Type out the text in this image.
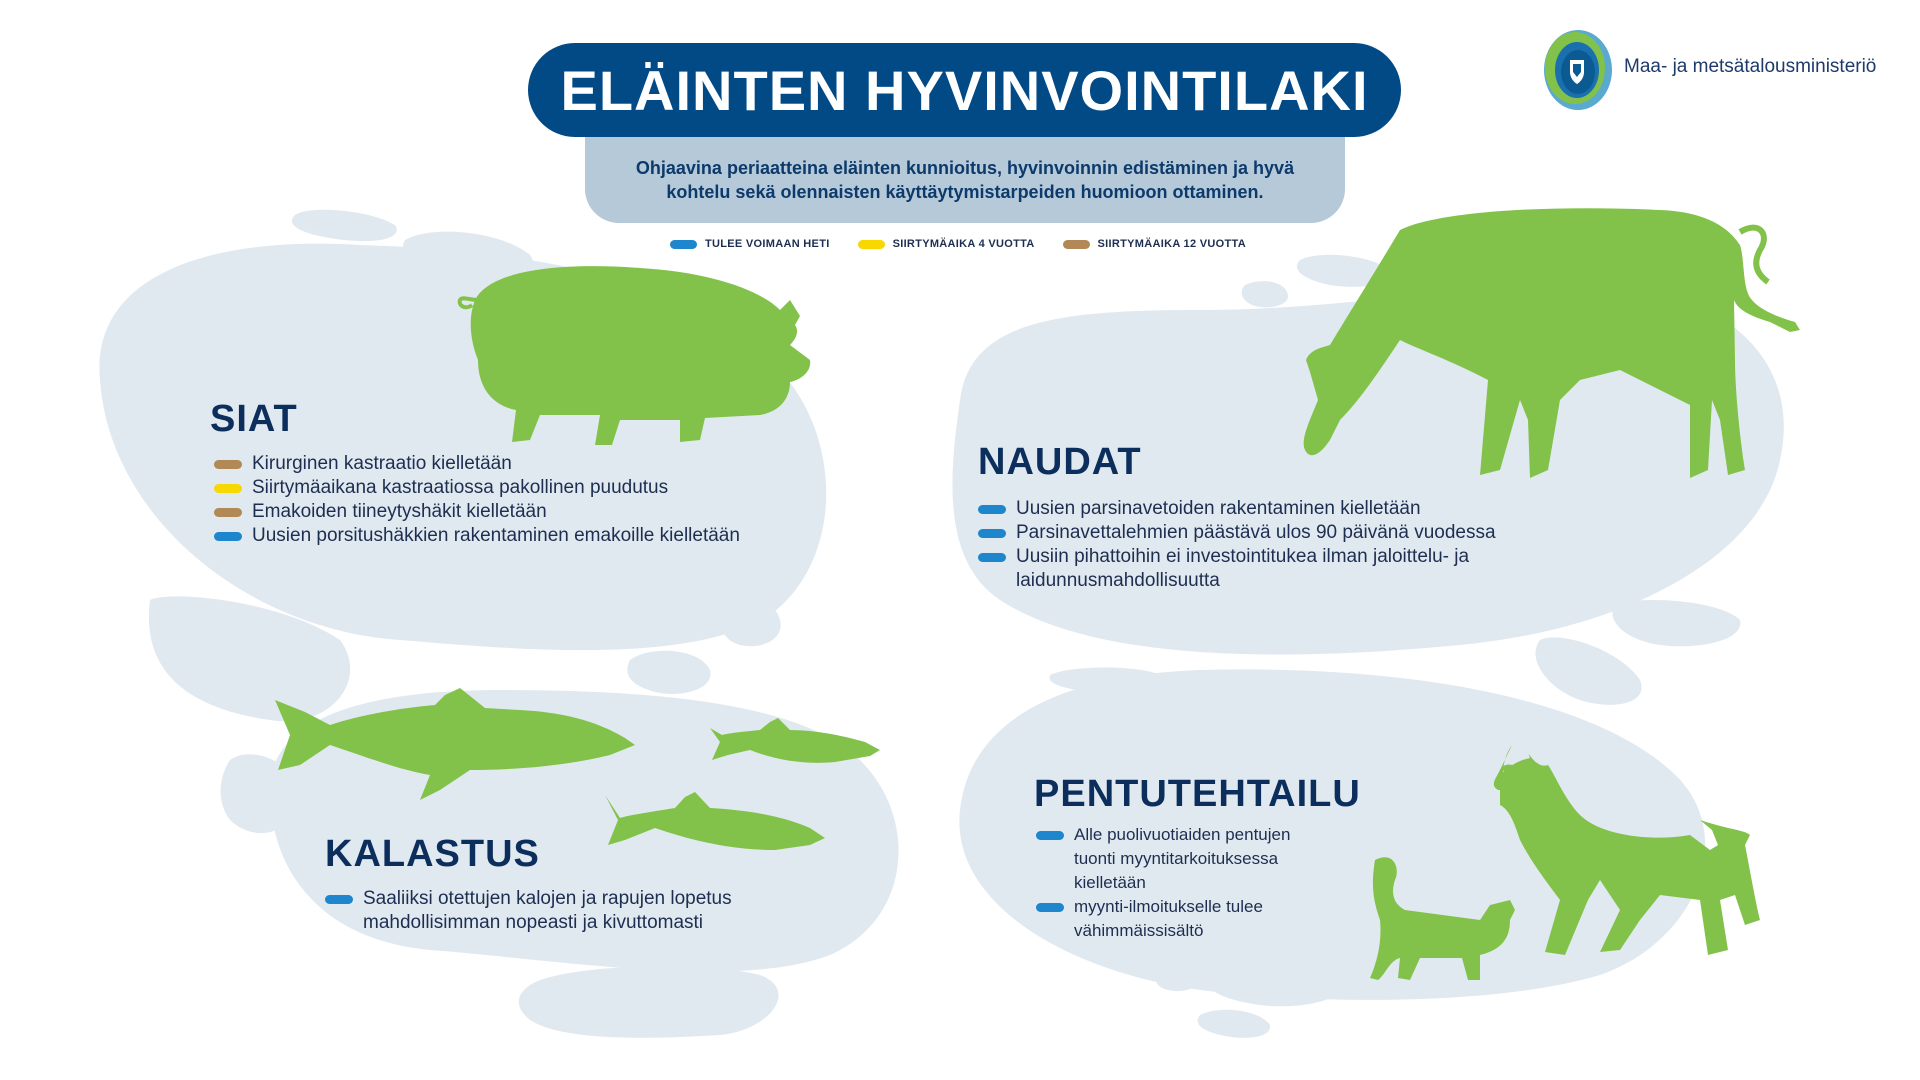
ELÄINTEN HYVINVOINTILAKI
Ohjaavina periaatteina eläinten kunnioitus, hyvinvoinnin edistäminen ja hyvä kohtelu sekä olennaisten käyttäytymistarpeiden huomioon ottaminen.
TULEE VOIMAAN HETI	SIIRTYMÄAIKA 4 VUOTTA	SIIRTYMÄAIKA 12 VUOTTA
Maa- ja metsätalousministeriö
SIAT
Kirurginen kastraatio kielletään
Siirtymäaikana kastraatiossa pakollinen puudutus
Emakoiden tiineytyshäkit kielletään
Uusien porsitushäkkien rakentaminen emakoille kielletään
NAUDAT
Uusien parsinavetoiden rakentaminen kielletään
Parsinavettalehmien päästävä ulos 90 päivänä vuodessa
Uusiin pihattoihin ei investointitukea ilman jaloittelu- ja laidunnusmahdollisuutta
KALASTUS
Saaliiksi otettujen kalojen ja rapujen lopetus mahdollisimman nopeasti ja kivuttomasti
PENTUTEHTAILU
Alle puolivuotiaiden pentujen tuonti myyntitarkoituksessa kielletään
myynti-ilmoitukselle tulee vähimmäissisältö
